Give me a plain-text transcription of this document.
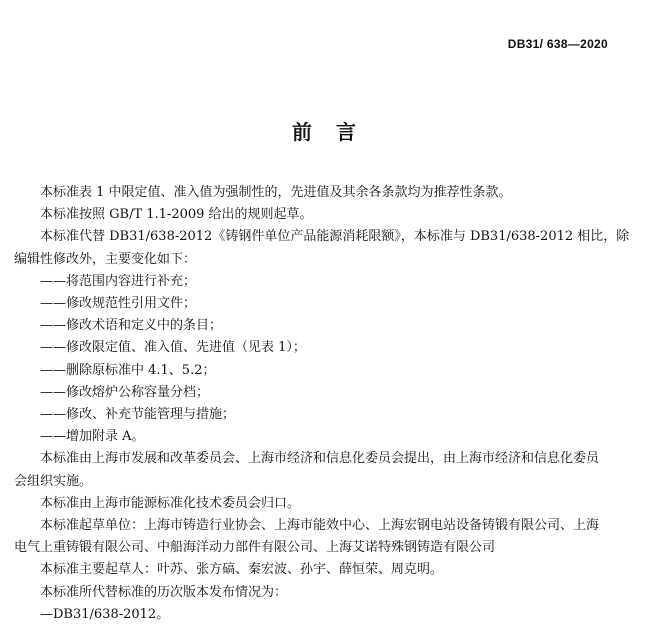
DB31/ 638—2020
前　言

本标准表 1 中限定值、准入值为强制性的，先进值及其余各条款均为推荐性条款。

本标准按照 GB/T 1.1-2009 给出的规则起草。

本标准代替 DB31/638-2012《铸钢件单位产品能源消耗限额》，本标准与 DB31/638-2012 相比，除

编辑性修改外，主要变化如下：

——将范围内容进行补充；

——修改规范性引用文件；

——修改术语和定义中的条目；

——修改限定值、准入值、先进值（见表 1）；

——删除原标准中 4.1、5.2；

——修改熔炉公称容量分档；

——修改、补充节能管理与措施；

——增加附录 A。

本标准由上海市发展和改革委员会、上海市经济和信息化委员会提出，由上海市经济和信息化委员

会组织实施。

本标准由上海市能源标准化技术委员会归口。

本标准起草单位：上海市铸造行业协会、上海市能效中心、上海宏钢电站设备铸锻有限公司、上海

电气上重铸锻有限公司、中船海洋动力部件有限公司、上海艾诺特殊钢铸造有限公司

本标准主要起草人：叶苏、张方碻、秦宏波、孙宇、薛恒荣、周克明。

本标准所代替标准的历次版本发布情况为：

—DB31/638-2012。
